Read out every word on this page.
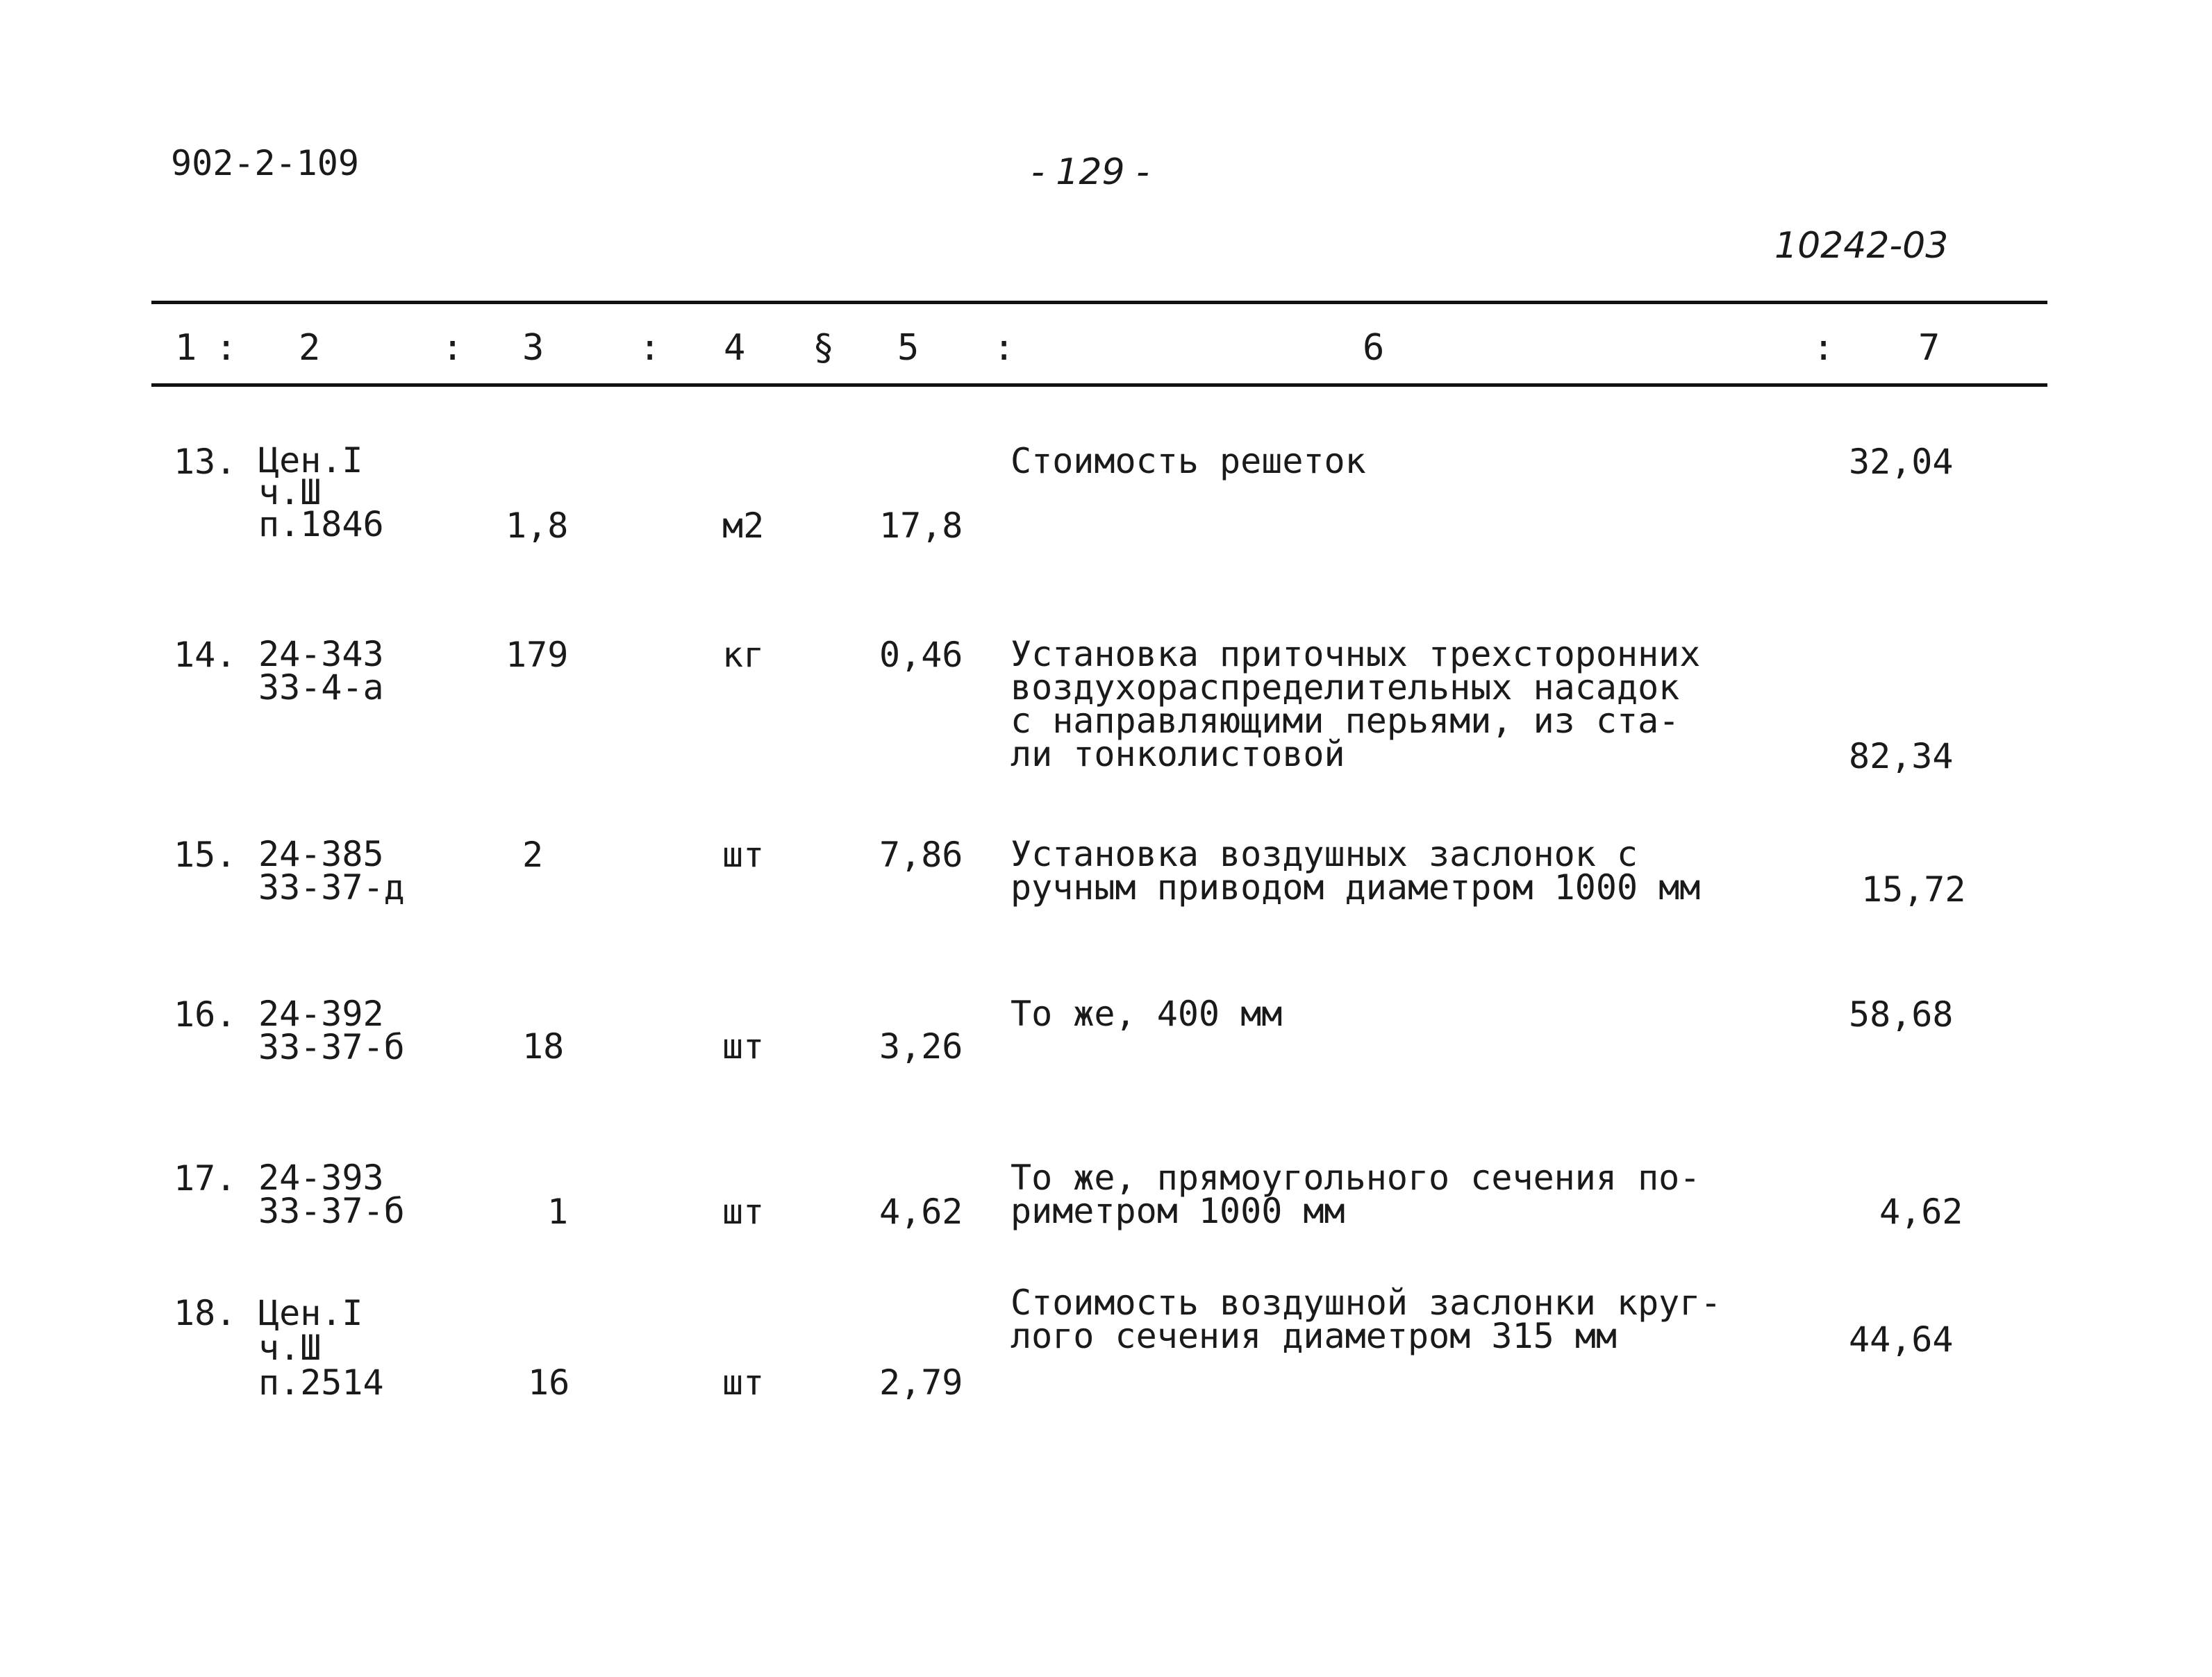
902-2-109	- 129 -
10242-03
1 : 2	: 3	: 4 § 5 :	6	: 7
13. Цен.I
ч.Ш
п.1846	1,8	м2	17,8
Стоимость решеток	32,04
14. 24-343
33-4-а
179	кг	0,46 Установка приточных трехсторонних
воздухораспределительных насадок
с направляющими перьями, из ста-
ли тонколистовой	82,34
15. 24-385
33-37-д
2	шт	7,86 Установка воздушных заслонок с
ручным приводом диаметром 1000 мм	15,72
16. 24-392
33-37-б	18	шт	3,26
То же, 400 мм	58,68
17. 24-393
33-37-б	1	шт	4,62
То же, прямоугольного сечения по-
риметром 1000 мм	4,62
18. Цен.I
ч.Ш
п.2514	16	шт	2,79
Стоимость воздушной заслонки круг-
лого сечения диаметром 315 мм	44,64
